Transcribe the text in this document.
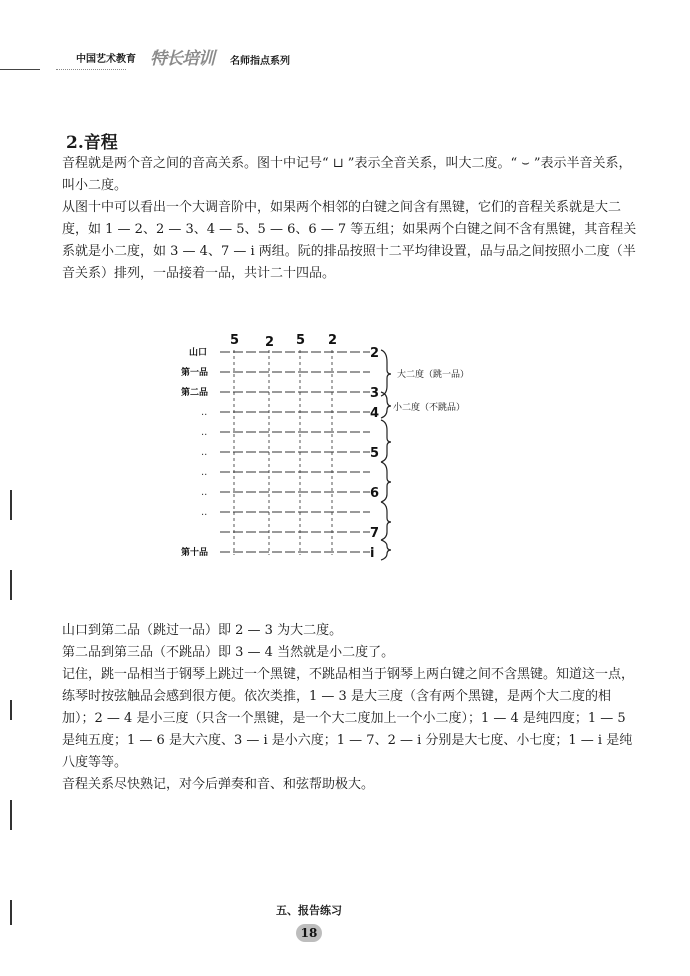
中国艺术教育 特长培训 名师指点系列
2.音程
音程就是两个音之间的音高关系。图十中记号“ ⊔ ”表示全音关系，叫大二度。“ ⌣ ”表示半音关系，叫小二度。
从图十中可以看出一个大调音阶中，如果两个相邻的白键之间含有黑键，它们的音程关系就是大二度，如 1 — 2、2 — 3、4 — 5、5 — 6、6 — 7 等五组；如果两个白键之间不含有黑键，其音程关系就是小二度，如 3 — 4、7 — i 两组。阮的排品按照十二平均律设置，品与品之间按照小二度（半音关系）排列，一品接着一品，共计二十四品。
5 2 5 2
山口
第一品
第二品
第十品
..
..
..
..
..
..
2
3
4
5
6
7
i
大二度（跳一品）
小二度（不跳品）
山口到第二品（跳过一品）即 2 — 3 为大二度。
第二品到第三品（不跳品）即 3 — 4 当然就是小二度了。
记住，跳一品相当于钢琴上跳过一个黑键，不跳品相当于钢琴上两白键之间不含黑键。知道这一点，练琴时按弦触品会感到很方便。依次类推，1 — 3 是大三度（含有两个黑键，是两个大二度的相加）；2 — 4 是小三度（只含一个黑键，是一个大二度加上一个小二度）；1 — 4 是纯四度；1 — 5 是纯五度；1 — 6 是大六度、3 — i 是小六度；1 — 7、2 — i 分别是大七度、小七度；1 — i 是纯八度等等。
音程关系尽快熟记，对今后弹奏和音、和弦帮助极大。
五、报告练习
18
